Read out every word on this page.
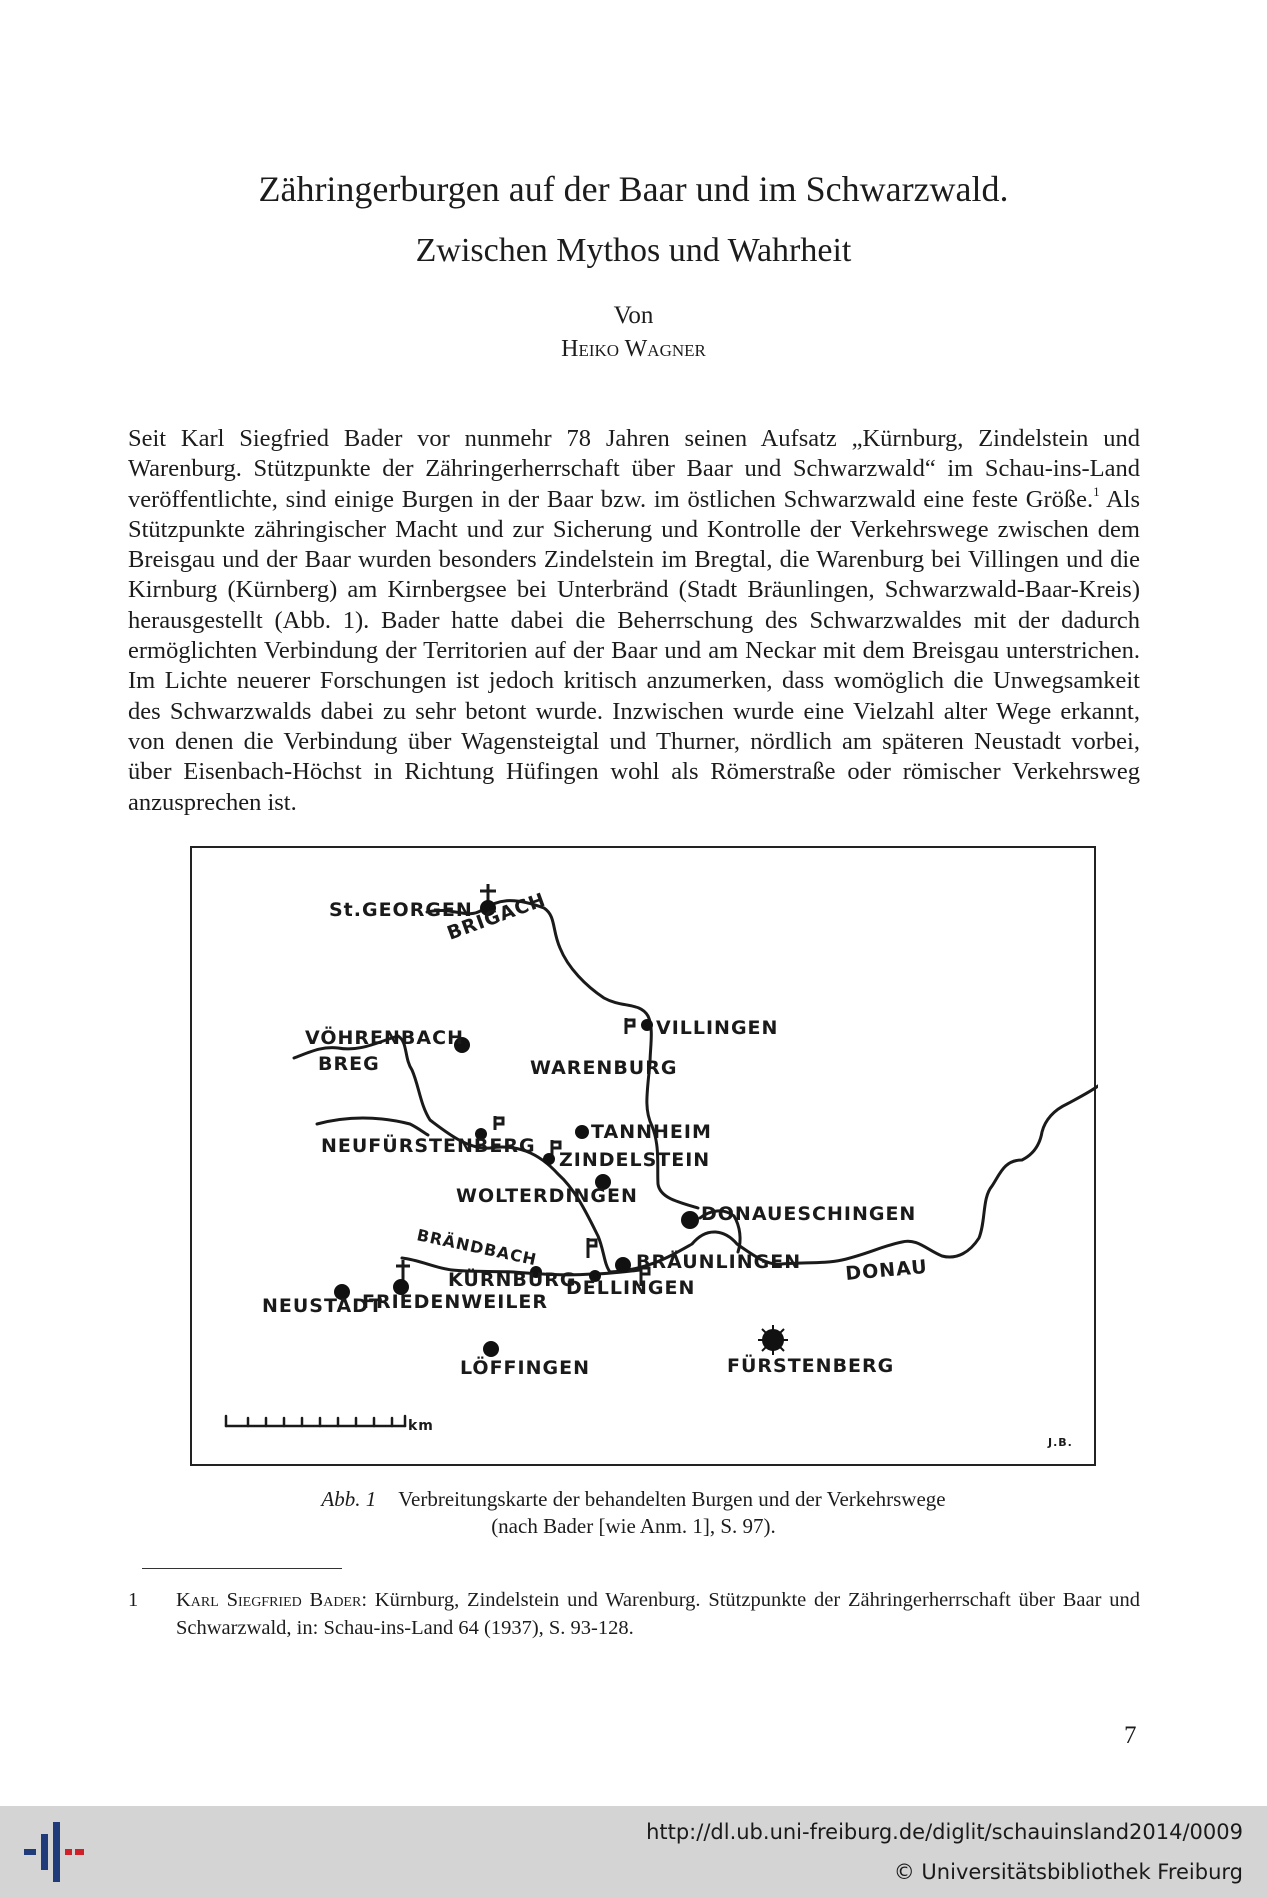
Zähringerburgen auf der Baar und im Schwarzwald.
Zwischen Mythos und Wahrheit
Von
Heiko Wagner

Seit Karl Siegfried Bader vor nunmehr 78 Jahren seinen Aufsatz „Kürnburg, Zindelstein und Warenburg. Stützpunkte der Zähringerherrschaft über Baar und Schwarzwald“ im Schau-ins-Land veröffentlichte, sind einige Burgen in der Baar bzw. im östlichen Schwarzwald eine feste Größe.$^1$ Als Stützpunkte zähringischer Macht und zur Sicherung und Kontrolle der Verkehrswege zwischen dem Breisgau und der Baar wurden besonders Zindelstein im Bregtal, die Warenburg bei Villingen und die Kirnburg (Kürnberg) am Kirnbergsee bei Unterbränd (Stadt Bräunlingen, Schwarzwald-Baar-Kreis) herausgestellt (Abb. 1). Bader hatte dabei die Beherrschung des Schwarzwaldes mit der dadurch ermöglichten Verbindung der Territorien auf der Baar und am Neckar mit dem Breisgau unterstrichen. Im Lichte neuerer Forschungen ist jedoch kritisch anzumerken, dass womöglich die Unwegsamkeit des Schwarzwalds dabei zu sehr betont wurde. Inzwischen wurde eine Vielzahl alter Wege erkannt, von denen die Verbindung über Wagensteigtal und Thurner, nördlich am späteren Neustadt vorbei, über Eisenbach-Höchst in Richtung Hüfingen wohl als Römerstraße oder römischer Verkehrsweg anzusprechen ist.

St.GEORGEN
VÖHRENBACH	VILLINGEN
WARENBURG
NEUFÜRSTENBERG
TANNHEIM
ZINDELSTEIN
WOLTERDINGEN
DONAUESCHINGEN
KÜRNBURG
BRÄUNLINGEN
DELLINGEN
NEUSTADT
FRIEDENWEILER
LÖFFINGEN	FÜRSTENBERG
BRIGACH
BREG
BRÄNDBACH
DONAU
km
J.B.
Abb. 1 Verbreitungskarte der behandelten Burgen und der Verkehrswege
(nach Bader [wie Anm. 1], S. 97).
1 Karl Siegfried Bader: Kürnburg, Zindelstein und Warenburg. Stützpunkte der Zähringerherrschaft über Baar und Schwarzwald, in: Schau-ins-Land 64 (1937), S. 93-128.
7
http://dl.ub.uni-freiburg.de/diglit/schauinsland2014/0009
© Universitätsbibliothek Freiburg
